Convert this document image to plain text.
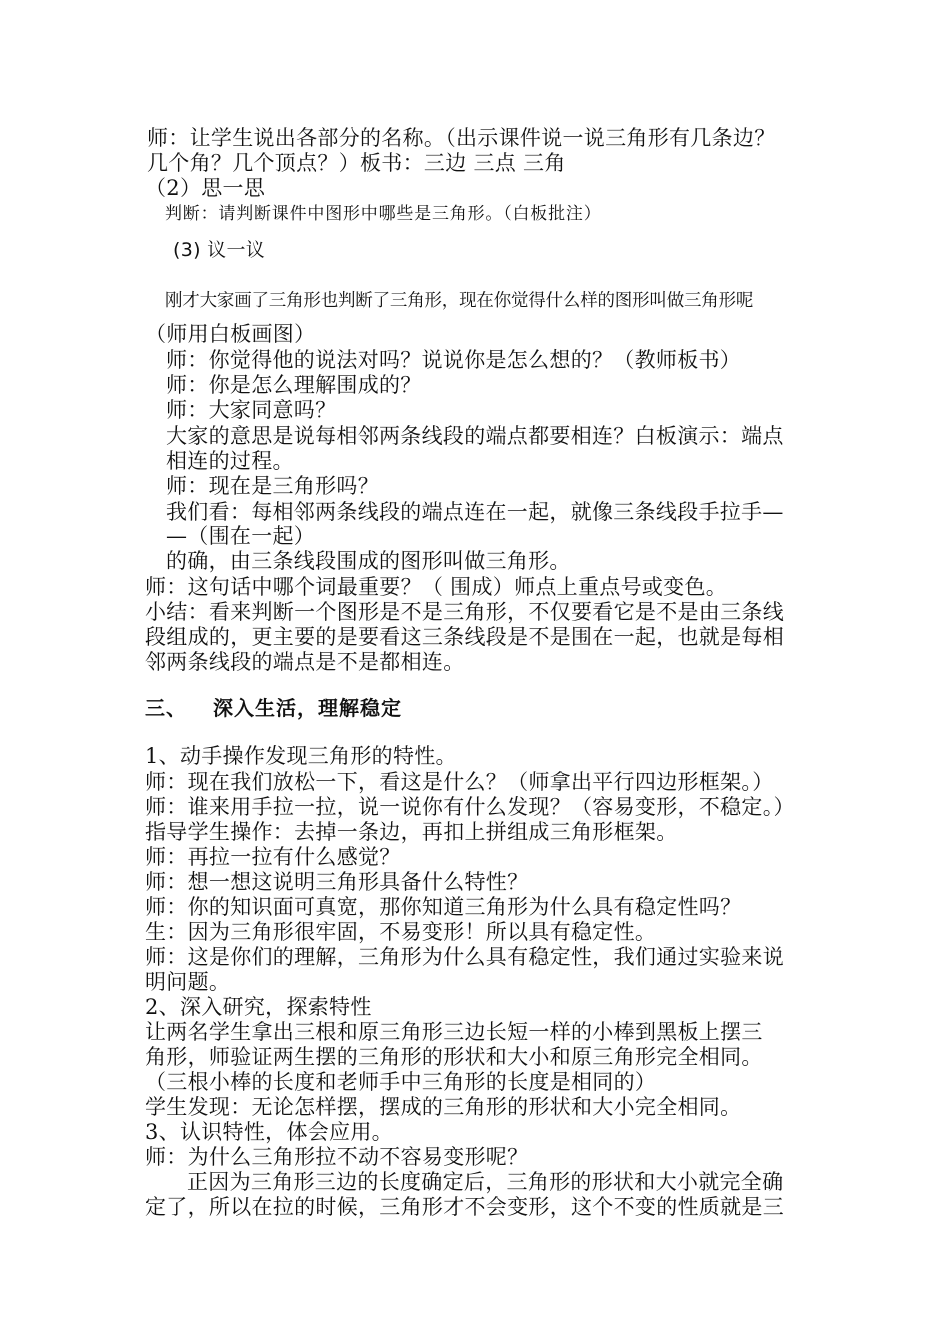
师：让学生说出各部分的名称。（出示课件说一说三角形有几条边？
几个角？几个顶点？）板书：三边 三点 三角
（2）思一思
判断：请判断课件中图形中哪些是三角形。（白板批注）
(3) 议一议
刚才大家画了三角形也判断了三角形，现在你觉得什么样的图形叫做三角形呢
（师用白板画图）
师：你觉得他的说法对吗？说说你是怎么想的？（教师板书）
师：你是怎么理解围成的？
师：大家同意吗？
大家的意思是说每相邻两条线段的端点都要相连？白板演示：端点
相连的过程。
师：现在是三角形吗？
我们看：每相邻两条线段的端点连在一起，就像三条线段手拉手—
—（围在一起）
的确，由三条线段围成的图形叫做三角形。
师：这句话中哪个词最重要？（ 围成）师点上重点号或变色。
小结：看来判断一个图形是不是三角形，不仅要看它是不是由三条线
段组成的，更主要的是要看这三条线段是不是围在一起，也就是每相
邻两条线段的端点是不是都相连。
三、 深入生活，理解稳定
1、动手操作发现三角形的特性。
师：现在我们放松一下，看这是什么？（师拿出平行四边形框架。）
师：谁来用手拉一拉，说一说你有什么发现？（容易变形，不稳定。）
指导学生操作：去掉一条边，再扣上拼组成三角形框架。
师：再拉一拉有什么感觉？
师：想一想这说明三角形具备什么特性？
师：你的知识面可真宽，那你知道三角形为什么具有稳定性吗？
生：因为三角形很牢固，不易变形！所以具有稳定性。
师：这是你们的理解，三角形为什么具有稳定性，我们通过实验来说
明问题。
2、深入研究，探索特性
让两名学生拿出三根和原三角形三边长短一样的小棒到黑板上摆三
角形，师验证两生摆的三角形的形状和大小和原三角形完全相同。
（三根小棒的长度和老师手中三角形的长度是相同的）
学生发现：无论怎样摆，摆成的三角形的形状和大小完全相同。
3、认识特性，体会应用。
师：为什么三角形拉不动不容易变形呢？
正因为三角形三边的长度确定后，三角形的形状和大小就完全确
定了，所以在拉的时候，三角形才不会变形，这个不变的性质就是三
